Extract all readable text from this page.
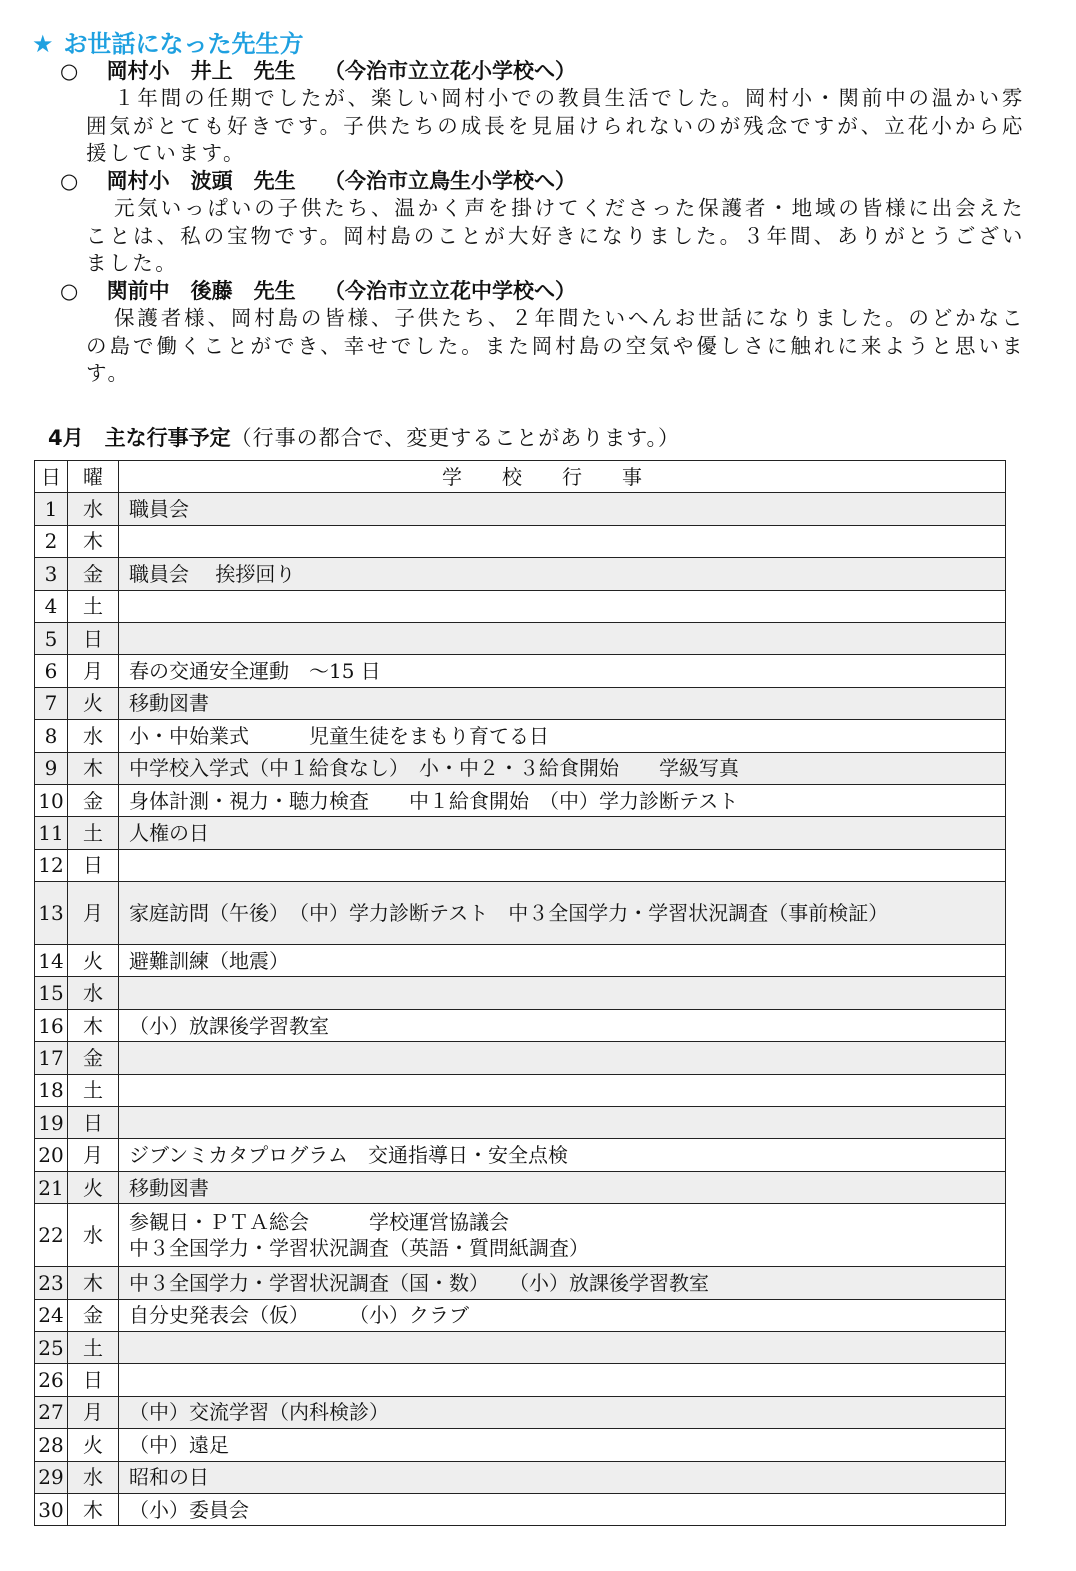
★ お世話になった先生方

○　 岡村小　井上　先生　 （今治市立立花小学校へ）

１年間の任期でしたが、楽しい岡村小での教員生活でした。岡村小・関前中の温かい雰囲気がとても好きです。子供たちの成長を見届けられないのが残念ですが、立花小から応援しています。

○　 岡村小　波頭　先生　 （今治市立鳥生小学校へ）

元気いっぱいの子供たち、温かく声を掛けてくださった保護者・地域の皆様に出会えたことは、私の宝物です。岡村島のことが大好きになりました。３年間、ありがとうございました。

○　 関前中　後藤　先生　 （今治市立立花中学校へ）

保護者様、岡村島の皆様、子供たち、２年間たいへんお世話になりました。のどかなこの島で働くことができ、幸せでした。また岡村島の空気や優しさに触れに来ようと思います。

4月　主な行事予定（行事の都合で、変更することがあります。）

日	曜	学校行事
1	水	職員会
2	木	
3	金	職員会　 挨拶回り
4	土	
5	日	
6	月	春の交通安全運動　～15 日
7	火	移動図書
8	水	小・中始業式　　　児童生徒をまもり育てる日
9	木	中学校入学式（中１給食なし）　小・中２・３給食開始　　学級写真
10	金	身体計測・視力・聴力検査　　中１給食開始　（中）学力診断テスト
11	土	人権の日
12	日	
13	月	家庭訪問（午後）　（中）学力診断テスト　中３全国学力・学習状況調査（事前検証）
14	火	避難訓練（地震）
15	水	
16	木	（小）放課後学習教室
17	金	
18	土	
19	日	
20	月	ジブンミカタプログラム　交通指導日・安全点検
21	火	移動図書
22	水	参観日・ＰＴＡ総会　　　学校運営協議会
中３全国学力・学習状況調査（英語・質問紙調査）
23	木	中３全国学力・学習状況調査（国・数）　　（小）放課後学習教室
24	金	自分史発表会（仮）　　　（小）クラブ
25	土	
26	日	
27	月	（中）交流学習（内科検診）
28	火	（中）遠足
29	水	昭和の日
30	木	（小）委員会
